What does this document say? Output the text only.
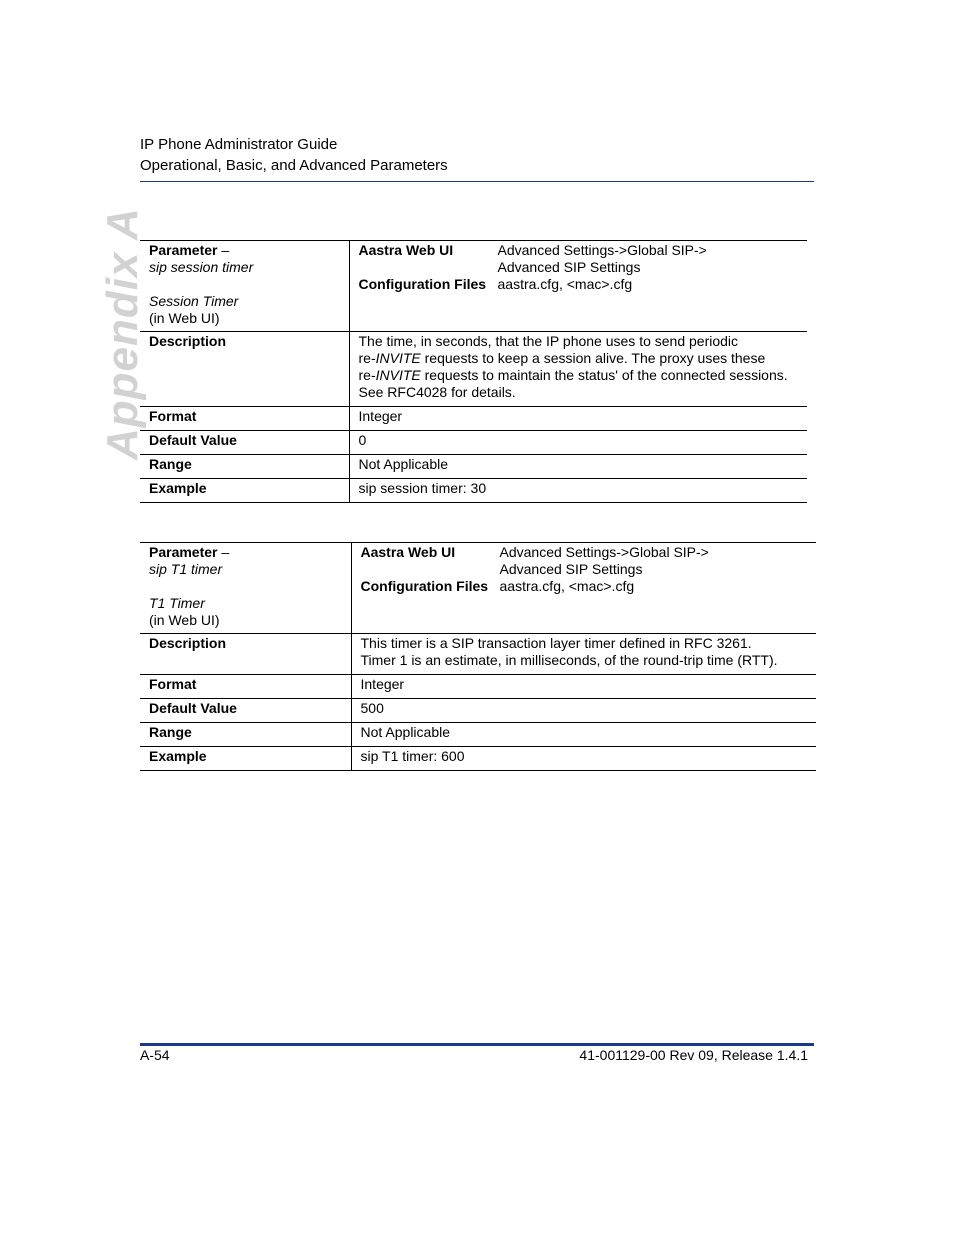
IP Phone Administrator Guide
Operational, Basic, and Advanced Parameters
Appendix A Parameter –
sip session timer
Session Timer
(in Web UI)

Aastra Web UI	Advanced Settings->Global SIP->
Advanced SIP Settings

Configuration Files	aastra.cfg, <mac>.cfg

Description	The time, in seconds, that the IP phone uses to send periodic
re-INVITE requests to keep a session alive. The proxy uses these
re-INVITE requests to maintain the status' of the connected sessions.
See RFC4028 for details.

Format	Integer
Default Value	0
Range	Not Applicable
Example	sip session timer: 30
Parameter –
sip T1 timer
T1 Timer
(in Web UI)

Aastra Web UI	Advanced Settings->Global SIP->
Advanced SIP Settings

Configuration Files	aastra.cfg, <mac>.cfg

Description	This timer is a SIP transaction layer timer defined in RFC 3261.
Timer 1 is an estimate, in milliseconds, of the round-trip time (RTT).

Format	Integer
Default Value	500
Range	Not Applicable
Example	sip T1 timer: 600
A-54	41-001129-00 Rev 09, Release 1.4.1
